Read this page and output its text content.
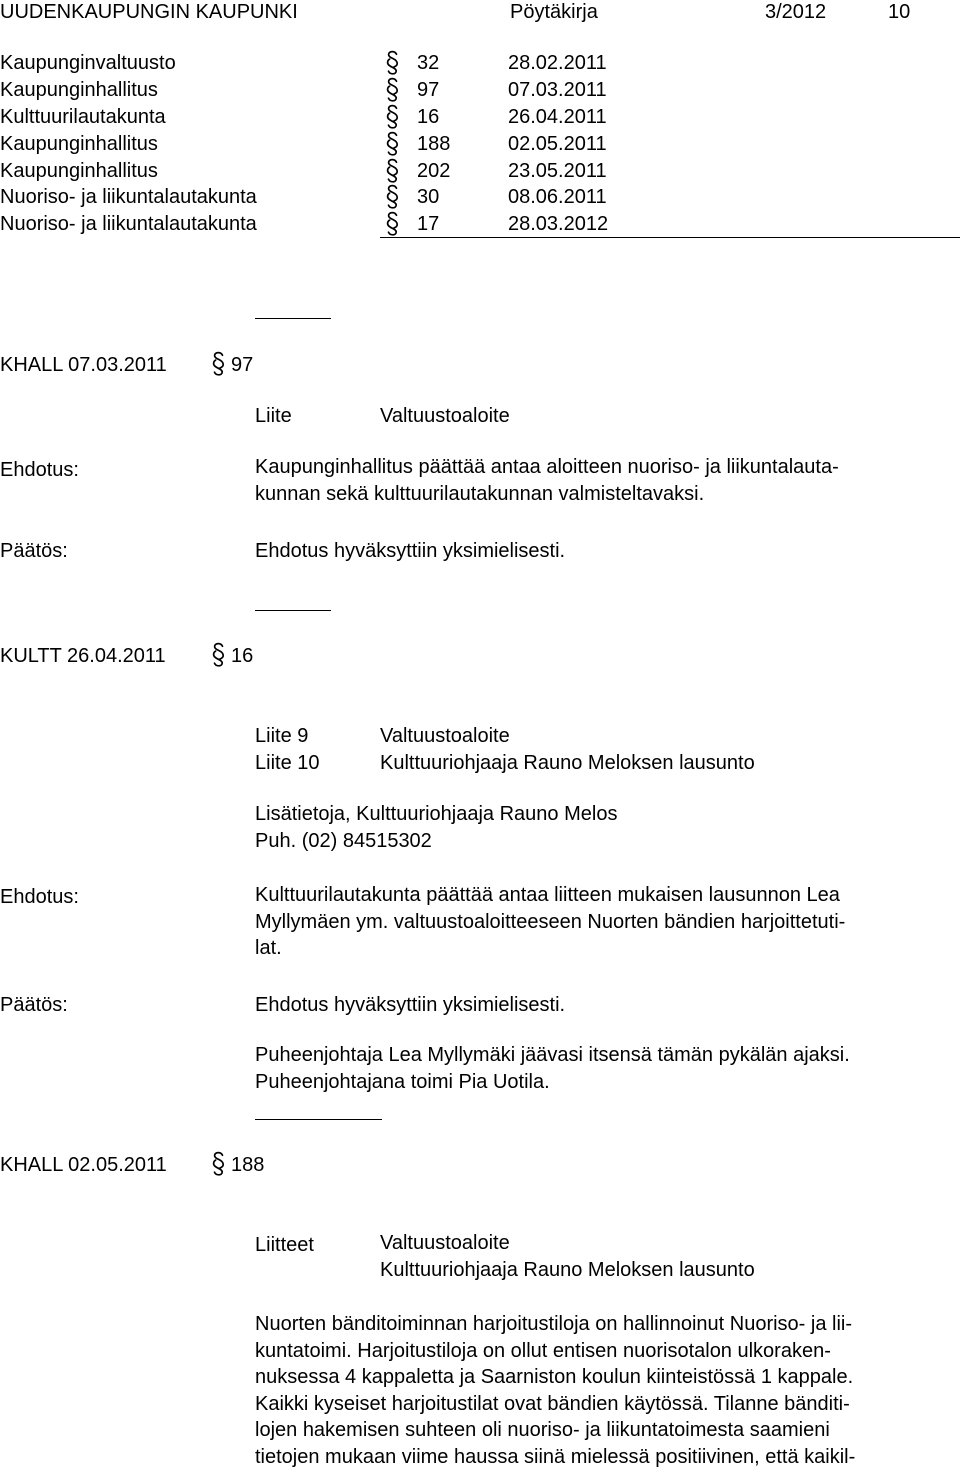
UUDENKAUPUNGIN KAUPUNKI	Pöytäkirja	3/2012	10
Kaupunginvaltuusto	32	28.02.2011
Kaupunginhallitus	97	07.03.2011
Kulttuurilautakunta	16	26.04.2011
Kaupunginhallitus	188	02.05.2011
Kaupunginhallitus	202	23.05.2011
Nuoriso- ja liikuntalautakunta	30	08.06.2011
Nuoriso- ja liikuntalautakunta	17	28.03.2012
KHALL 07.03.2011	97
Liite	Valtuustoaloite
Ehdotus:	Kaupunginhallitus päättää antaa aloitteen nuoriso- ja liikuntalauta-
kunnan sekä kulttuurilautakunnan valmisteltavaksi.
Päätös:	Ehdotus hyväksyttiin yksimielisesti.
KULTT 26.04.2011	16
Liite 9	Valtuustoaloite
Liite 10	Kulttuuriohjaaja Rauno Meloksen lausunto
Lisätietoja, Kulttuuriohjaaja Rauno Melos
Puh. (02) 84515302
Ehdotus:	Kulttuurilautakunta päättää antaa liitteen mukaisen lausunnon Lea
Myllymäen ym. valtuustoaloitteeseen Nuorten bändien harjoittetuti-
lat.
Päätös:	Ehdotus hyväksyttiin yksimielisesti.
Puheenjohtaja Lea Myllymäki jäävasi itsensä tämän pykälän ajaksi.
Puheenjohtajana toimi Pia Uotila.
KHALL 02.05.2011	188
Liitteet	Valtuustoaloite
Kulttuuriohjaaja Rauno Meloksen lausunto
Nuorten bänditoiminnan harjoitustiloja on hallinnoinut Nuoriso- ja lii-
kuntatoimi. Harjoitustiloja on ollut entisen nuorisotalon ulkoraken-
nuksessa 4 kappaletta ja Saarniston koulun kiinteistössä 1 kappale.
Kaikki kyseiset harjoitustilat ovat bändien käytössä. Tilanne bänditi-
lojen hakemisen suhteen oli nuoriso- ja liikuntatoimesta saamieni
tietojen mukaan viime haussa siinä mielessä positiivinen, että kaikil-
